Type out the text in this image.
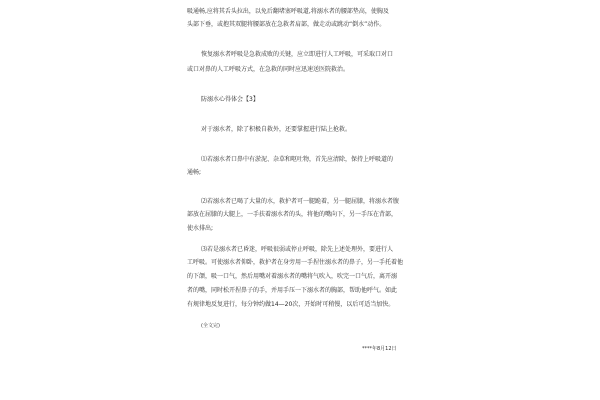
吸通畅,应将其舌头拉出，以免后翻堵塞呼吸道,将溺水者的腰部垫高，使胸及
头部下垂，或抱其双腿将腰部放在急救者肩部，做走动或跳动“倒水”动作。
恢复溺水者呼吸是急救成败的关键，应立即进行人工呼吸，可采取口对口
或口对鼻的人工呼吸方式，在急救的同时应迅速送医院救治。
防溺水心得体会【3】
对于溺水者，除了积极自救外，还要掌握进行陆上抢救。
⑴若溺水者口鼻中有淤泥、杂草和呕吐物，首先应清除，保持上呼吸道的
通畅;
⑵若溺水者已喝了大量的水，救护者可一腿跪着，另一腿屈膝，将溺水者腹
部放在屈膝的大腿上，一手扶着溺水者的头，将他的嘴向下，另一手压在背部，
使水排出;
⑶若是溺水者已昏迷，呼吸很弱或停止呼吸，除先上述处理外，要进行人
工呼吸。可使溺水者仰卧，救护者在身旁用一手捏住溺水者的鼻子，另一手托着他
的下颌，吸一口气，然后用嘴对着溺水者的嘴将气吹入，吹完一口气后，离开溺
者的嘴，同时松开捏鼻子的手，并用手压一下溺水者的胸部，帮助他呼气。如此
有规律地反复进行，每分钟约做14—20次，开始时可稍慢，以后可适当加快。
(全文完)
****年8月12日
